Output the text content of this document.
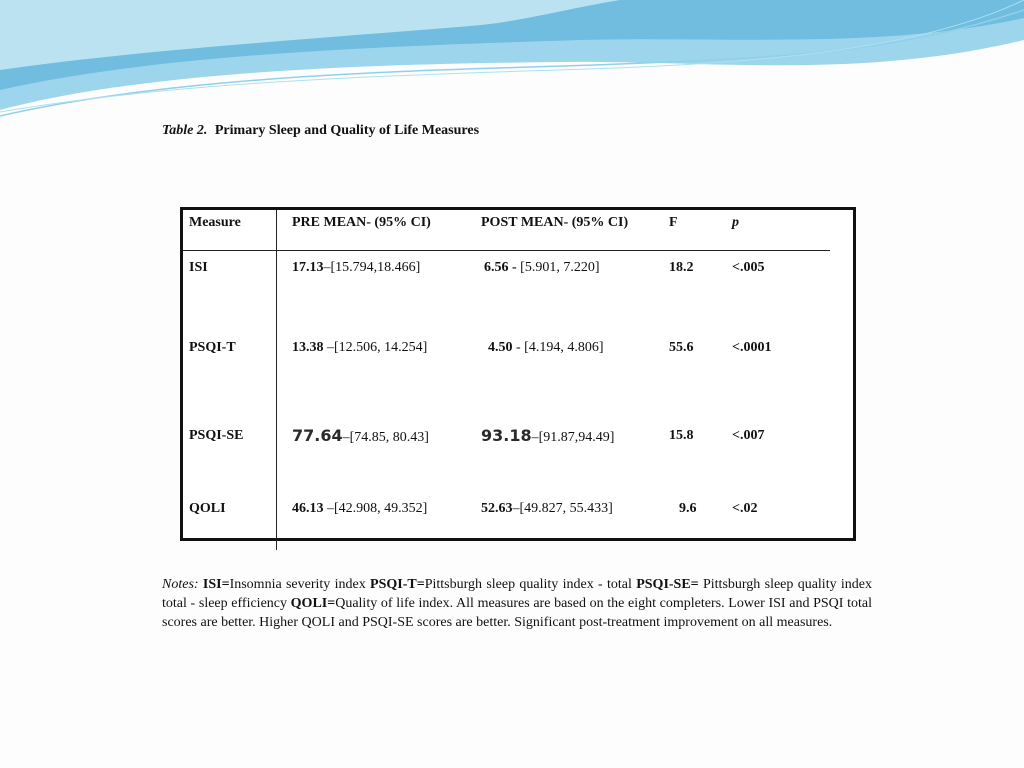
Table 2. Primary Sleep and Quality of Life Measures
Measure	PRE MEAN- (95% CI)	POST MEAN- (95% CI)	F	p
ISI	17.13–[15.794,18.466]	6.56 - [5.901, 7.220]	18.2	<.005
PSQI-T	13.38 –[12.506, 14.254]	4.50 - [4.194, 4.806]	55.6	<.0001
PSQI-SE	77.64–[74.85, 80.43]	93.18–[91.87,94.49]	15.8	<.007
QOLI	46.13 –[42.908, 49.352]	52.63–[49.827, 55.433]	9.6	<.02
Notes: ISI=Insomnia severity index PSQI-T=Pittsburgh sleep quality index - total PSQI-SE= Pittsburgh sleep quality index total - sleep efficiency QOLI=Quality of life index. All measures are based on the eight completers. Lower ISI and PSQI total scores are better. Higher QOLI and PSQI-SE scores are better. Significant post-treatment improvement on all measures.
